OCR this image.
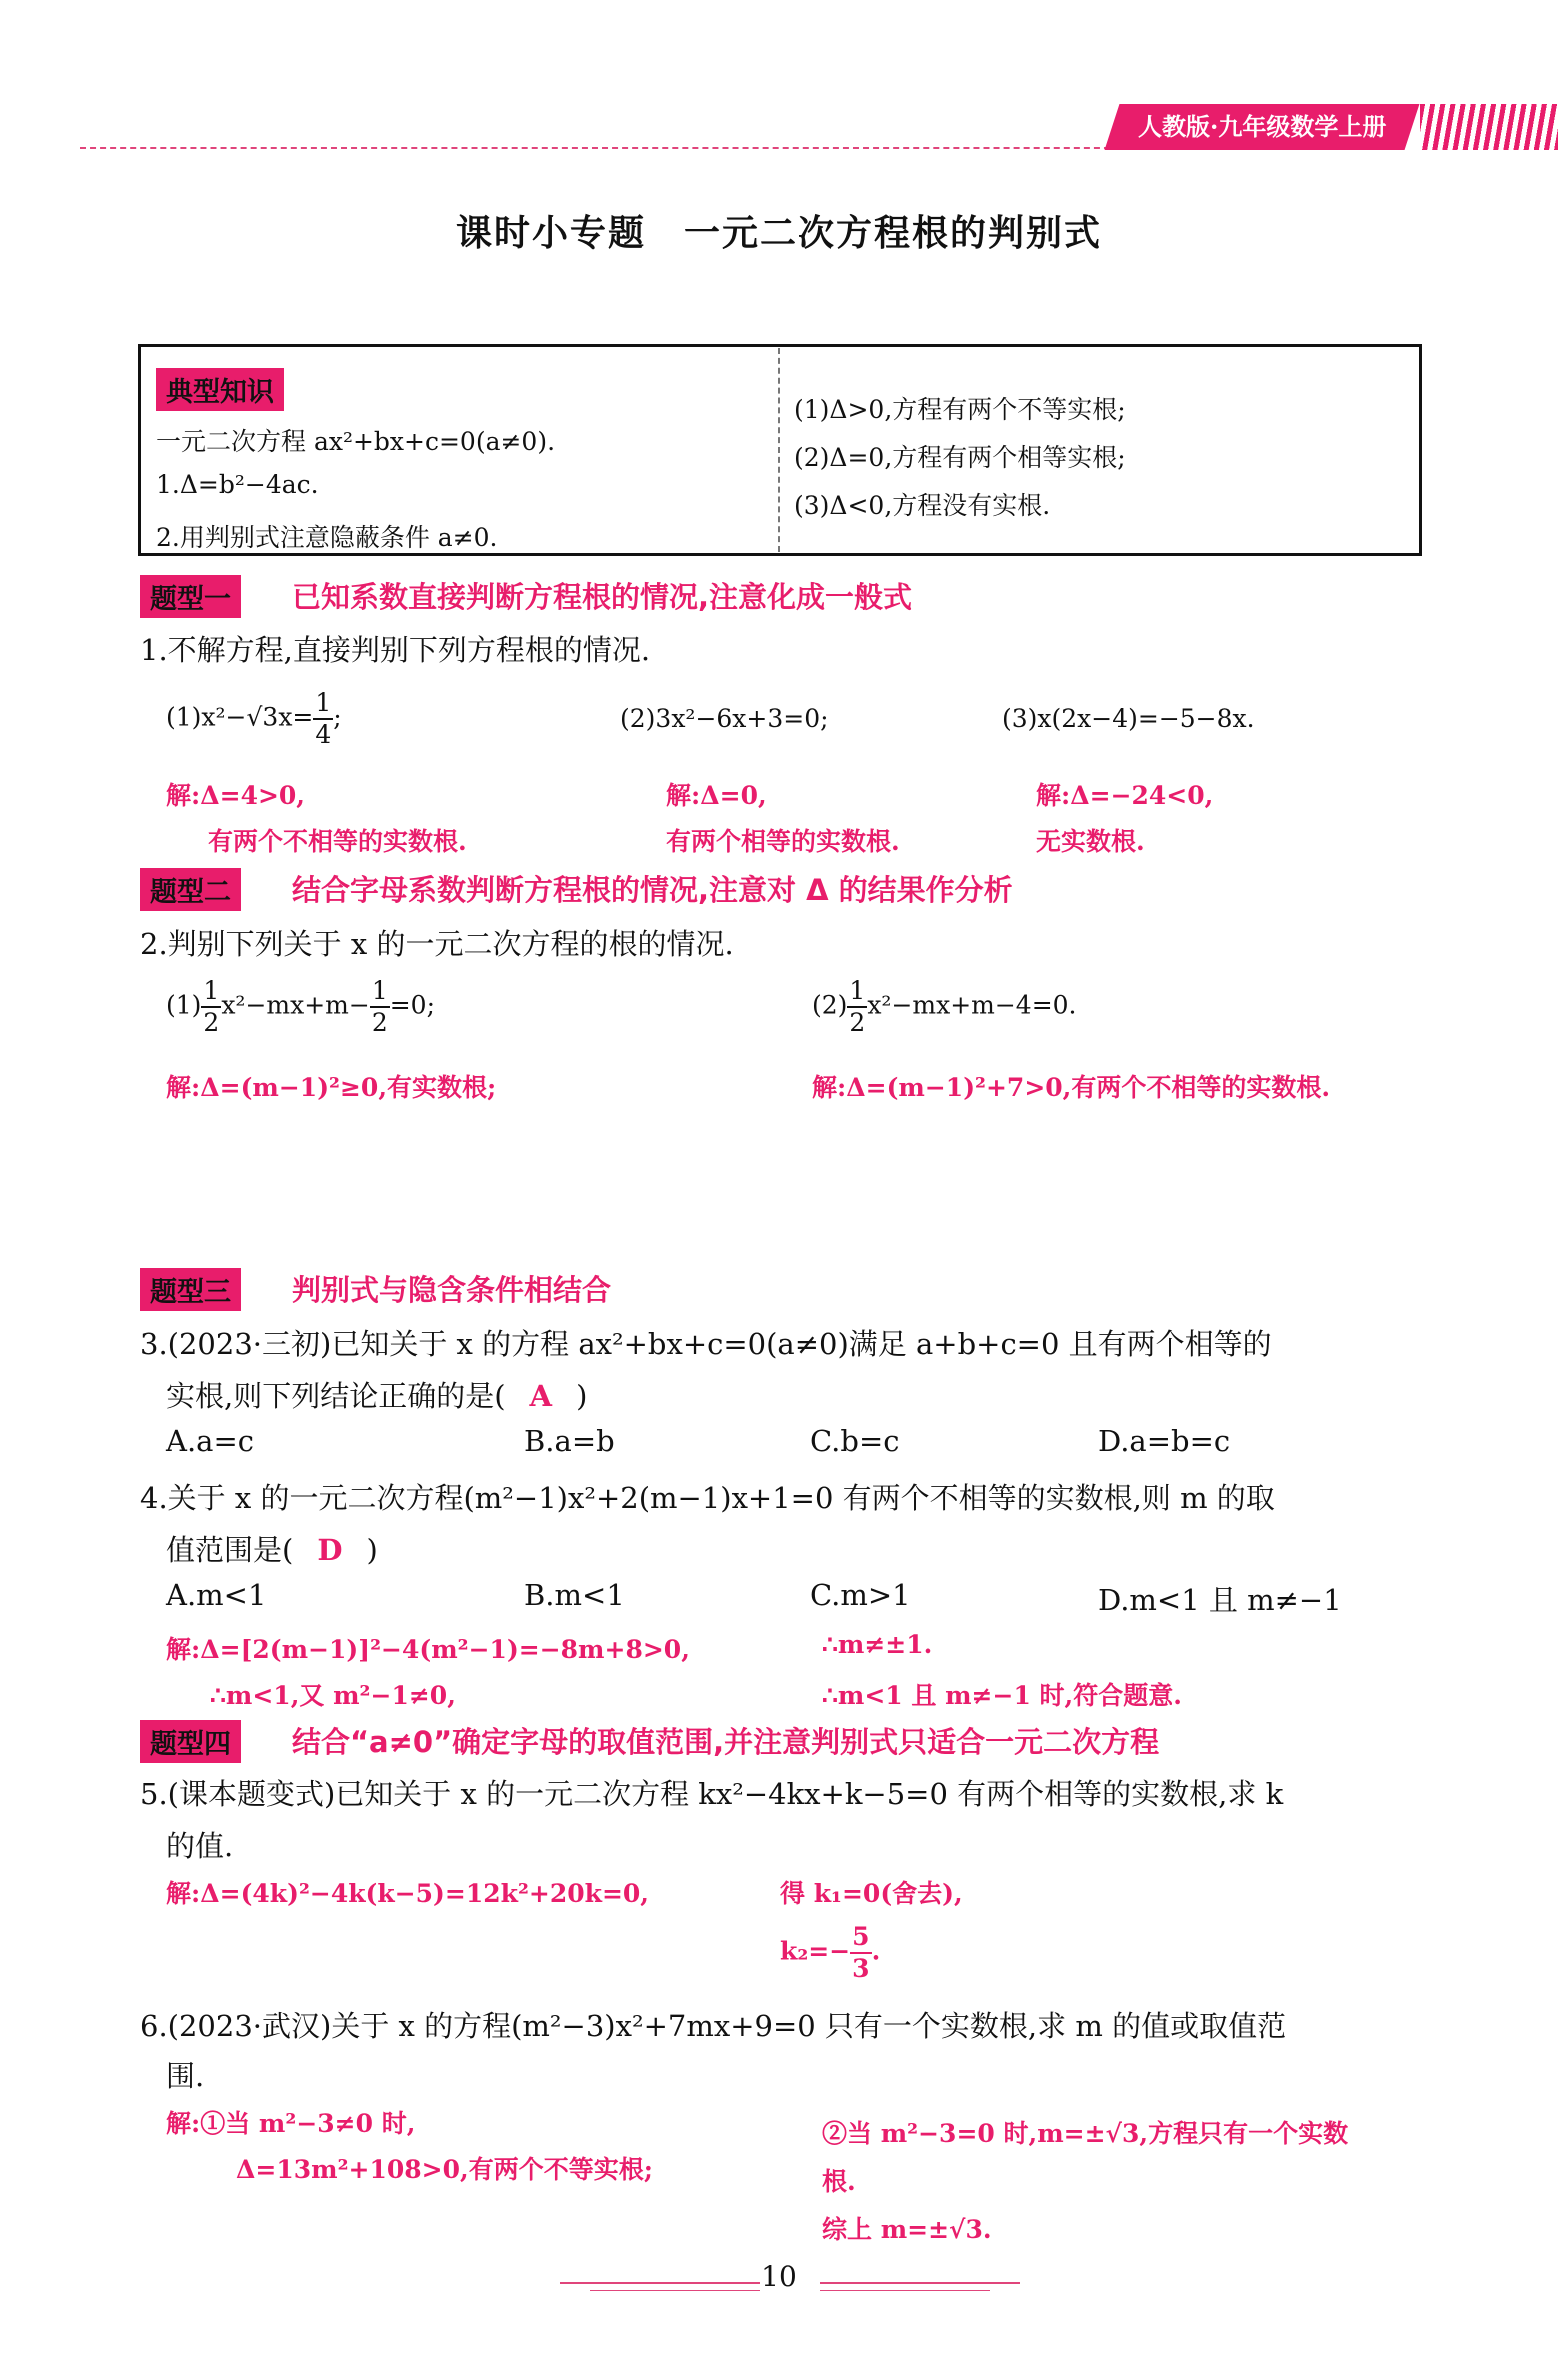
人教版·九年级数学上册
课时小专题　一元二次方程根的判别式
典型知识
一元二次方程 ax²+bx+c=0(a≠0).
1.Δ=b²−4ac.
2.用判别式注意隐蔽条件 a≠0.
(1)Δ>0,方程有两个不等实根;
(2)Δ=0,方程有两个相等实根;
(3)Δ<0,方程没有实根.
题型一	已知系数直接判断方程根的情况,注意化成一般式
1.不解方程,直接判别下列方程根的情况.
$(1)x^2-√3x= \frac{1}{4}$ ;	(2)3x²−6x+3=0;	(3)x(2x−4)=−5−8x.
解:Δ=4>0,
有两个不相等的实数根.
解:Δ=0,
有两个相等的实数根.
解:Δ=−24<0,
无实数根.
题型二	结合字母系数判断方程根的情况,注意对 Δ 的结果作分析
2.判别下列关于 x 的一元二次方程的根的情况.
$(1) \frac{1}{2} x^2-mx+m- \frac{1}{2} =0$;	$(2) \frac{1}{2} x^2-mx+m-4=0$.
解:Δ=(m−1)²≥0,有实数根;	解:Δ=(m−1)²+7>0,有两个不相等的实数根.
题型三	判别式与隐含条件相结合
3.(2023·三初)已知关于 x 的方程 ax²+bx+c=0(a≠0)满足 a+b+c=0 且有两个相等的
实根,则下列结论正确的是( A )
A.a=c	B.a=b	C.b=c	D.a=b=c
4.关于 x 的一元二次方程(m²−1)x²+2(m−1)x+1=0 有两个不相等的实数根,则 m 的取
值范围是( D )
A.m<1	B.m<1	C.m>1	D.m<1 且 m≠−1
解:Δ=[2(m−1)]²−4(m²−1)=−8m+8>0,
∴m<1,又 m²−1≠0,
∴m≠±1.
∴m<1 且 m≠−1 时,符合题意.
题型四	结合“a≠0”确定字母的取值范围,并注意判别式只适合一元二次方程
5.(课本题变式)已知关于 x 的一元二次方程 kx²−4kx+k−5=0 有两个相等的实数根,求 k
的值.
解:Δ=(4k)²−4k(k−5)=12k²+20k=0,	得 k₁=0(舍去),
$k_2=- \frac{5}{3}$ .
6.(2023·武汉)关于 x 的方程(m²−3)x²+7mx+9=0 只有一个实数根,求 m 的值或取值范
围.
解:①当 m²−3≠0 时,
Δ=13m²+108>0,有两个不等实根;
②当 m²−3=0 时,m=±√3,方程只有一个实数
根.
综上 m=±√3.
10
